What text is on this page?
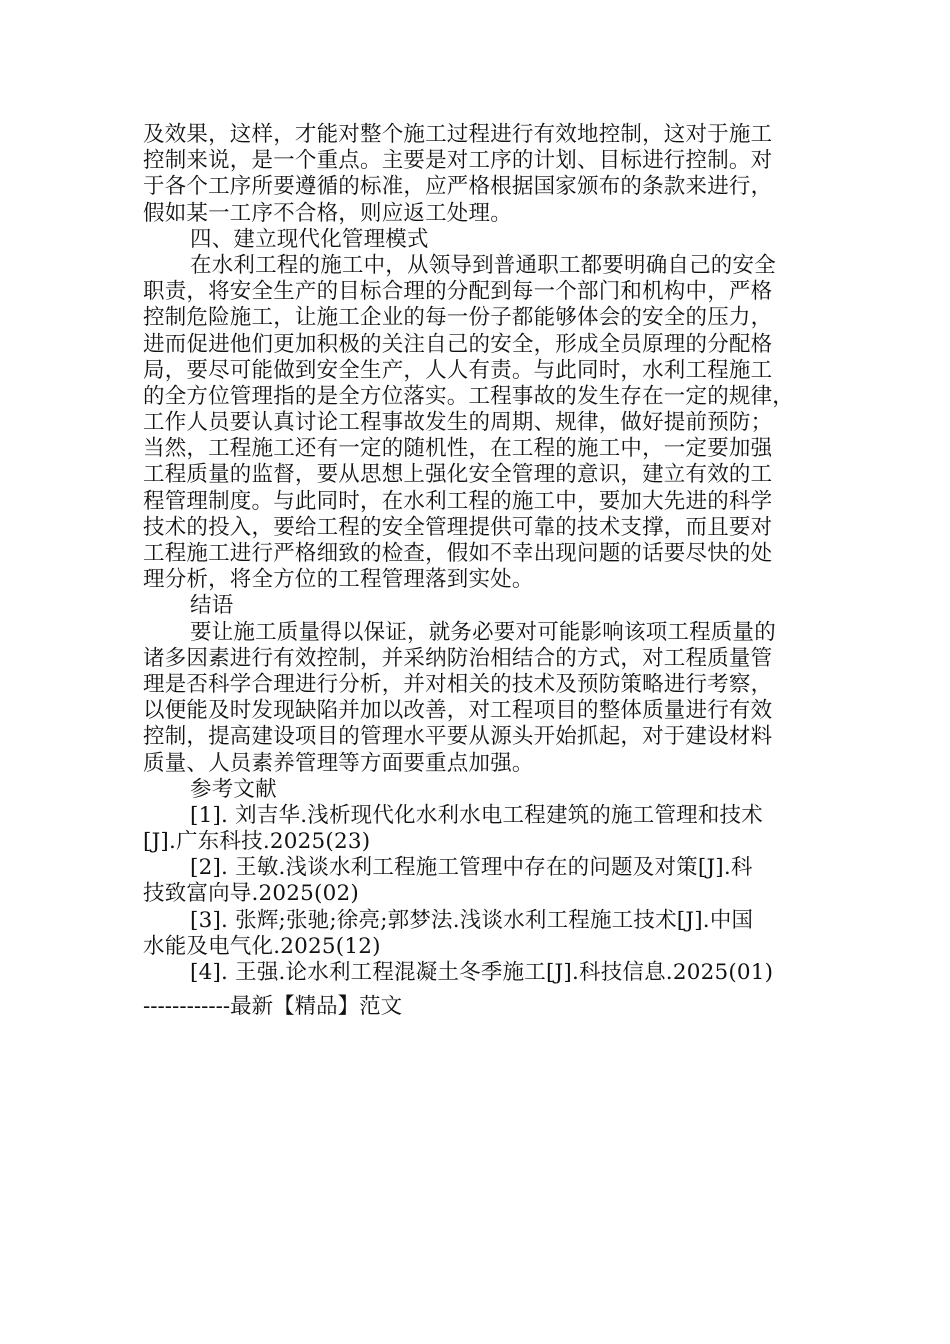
及效果，这样，才能对整个施工过程进行有效地控制，这对于施工
控制来说，是一个重点。主要是对工序的计划、目标进行控制。对
于各个工序所要遵循的标准，应严格根据国家颁布的条款来进行，
假如某一工序不合格，则应返工处理。
四、建立现代化管理模式
在水利工程的施工中，从领导到普通职工都要明确自己的安全
职责，将安全生产的目标合理的分配到每一个部门和机构中，严格
控制危险施工，让施工企业的每一份子都能够体会的安全的压力，
进而促进他们更加积极的关注自己的安全，形成全员原理的分配格
局，要尽可能做到安全生产，人人有责。与此同时，水利工程施工
的全方位管理指的是全方位落实。工程事故的发生存在一定的规律，
工作人员要认真讨论工程事故发生的周期、规律，做好提前预防；
当然，工程施工还有一定的随机性，在工程的施工中，一定要加强
工程质量的监督，要从思想上强化安全管理的意识，建立有效的工
程管理制度。与此同时，在水利工程的施工中，要加大先进的科学
技术的投入，要给工程的安全管理提供可靠的技术支撑，而且要对
工程施工进行严格细致的检查，假如不幸出现问题的话要尽快的处
理分析，将全方位的工程管理落到实处。
结语
要让施工质量得以保证，就务必要对可能影响该项工程质量的
诸多因素进行有效控制，并采纳防治相结合的方式，对工程质量管
理是否科学合理进行分析，并对相关的技术及预防策略进行考察，
以便能及时发现缺陷并加以改善，对工程项目的整体质量进行有效
控制，提高建设项目的管理水平要从源头开始抓起，对于建设材料
质量、人员素养管理等方面要重点加强。
参考文献
[1]. 刘吉华.浅析现代化水利水电工程建筑的施工管理和技术
[J].广东科技.2025(23)
[2]. 王敏.浅谈水利工程施工管理中存在的问题及对策[J].科
技致富向导.2025(02)
[3]. 张辉;张驰;徐亮;郭梦法.浅谈水利工程施工技术[J].中国
水能及电气化.2025(12)
[4]. 王强.论水利工程混凝土冬季施工[J].科技信息.2025(01)
------------最新【精品】范文
